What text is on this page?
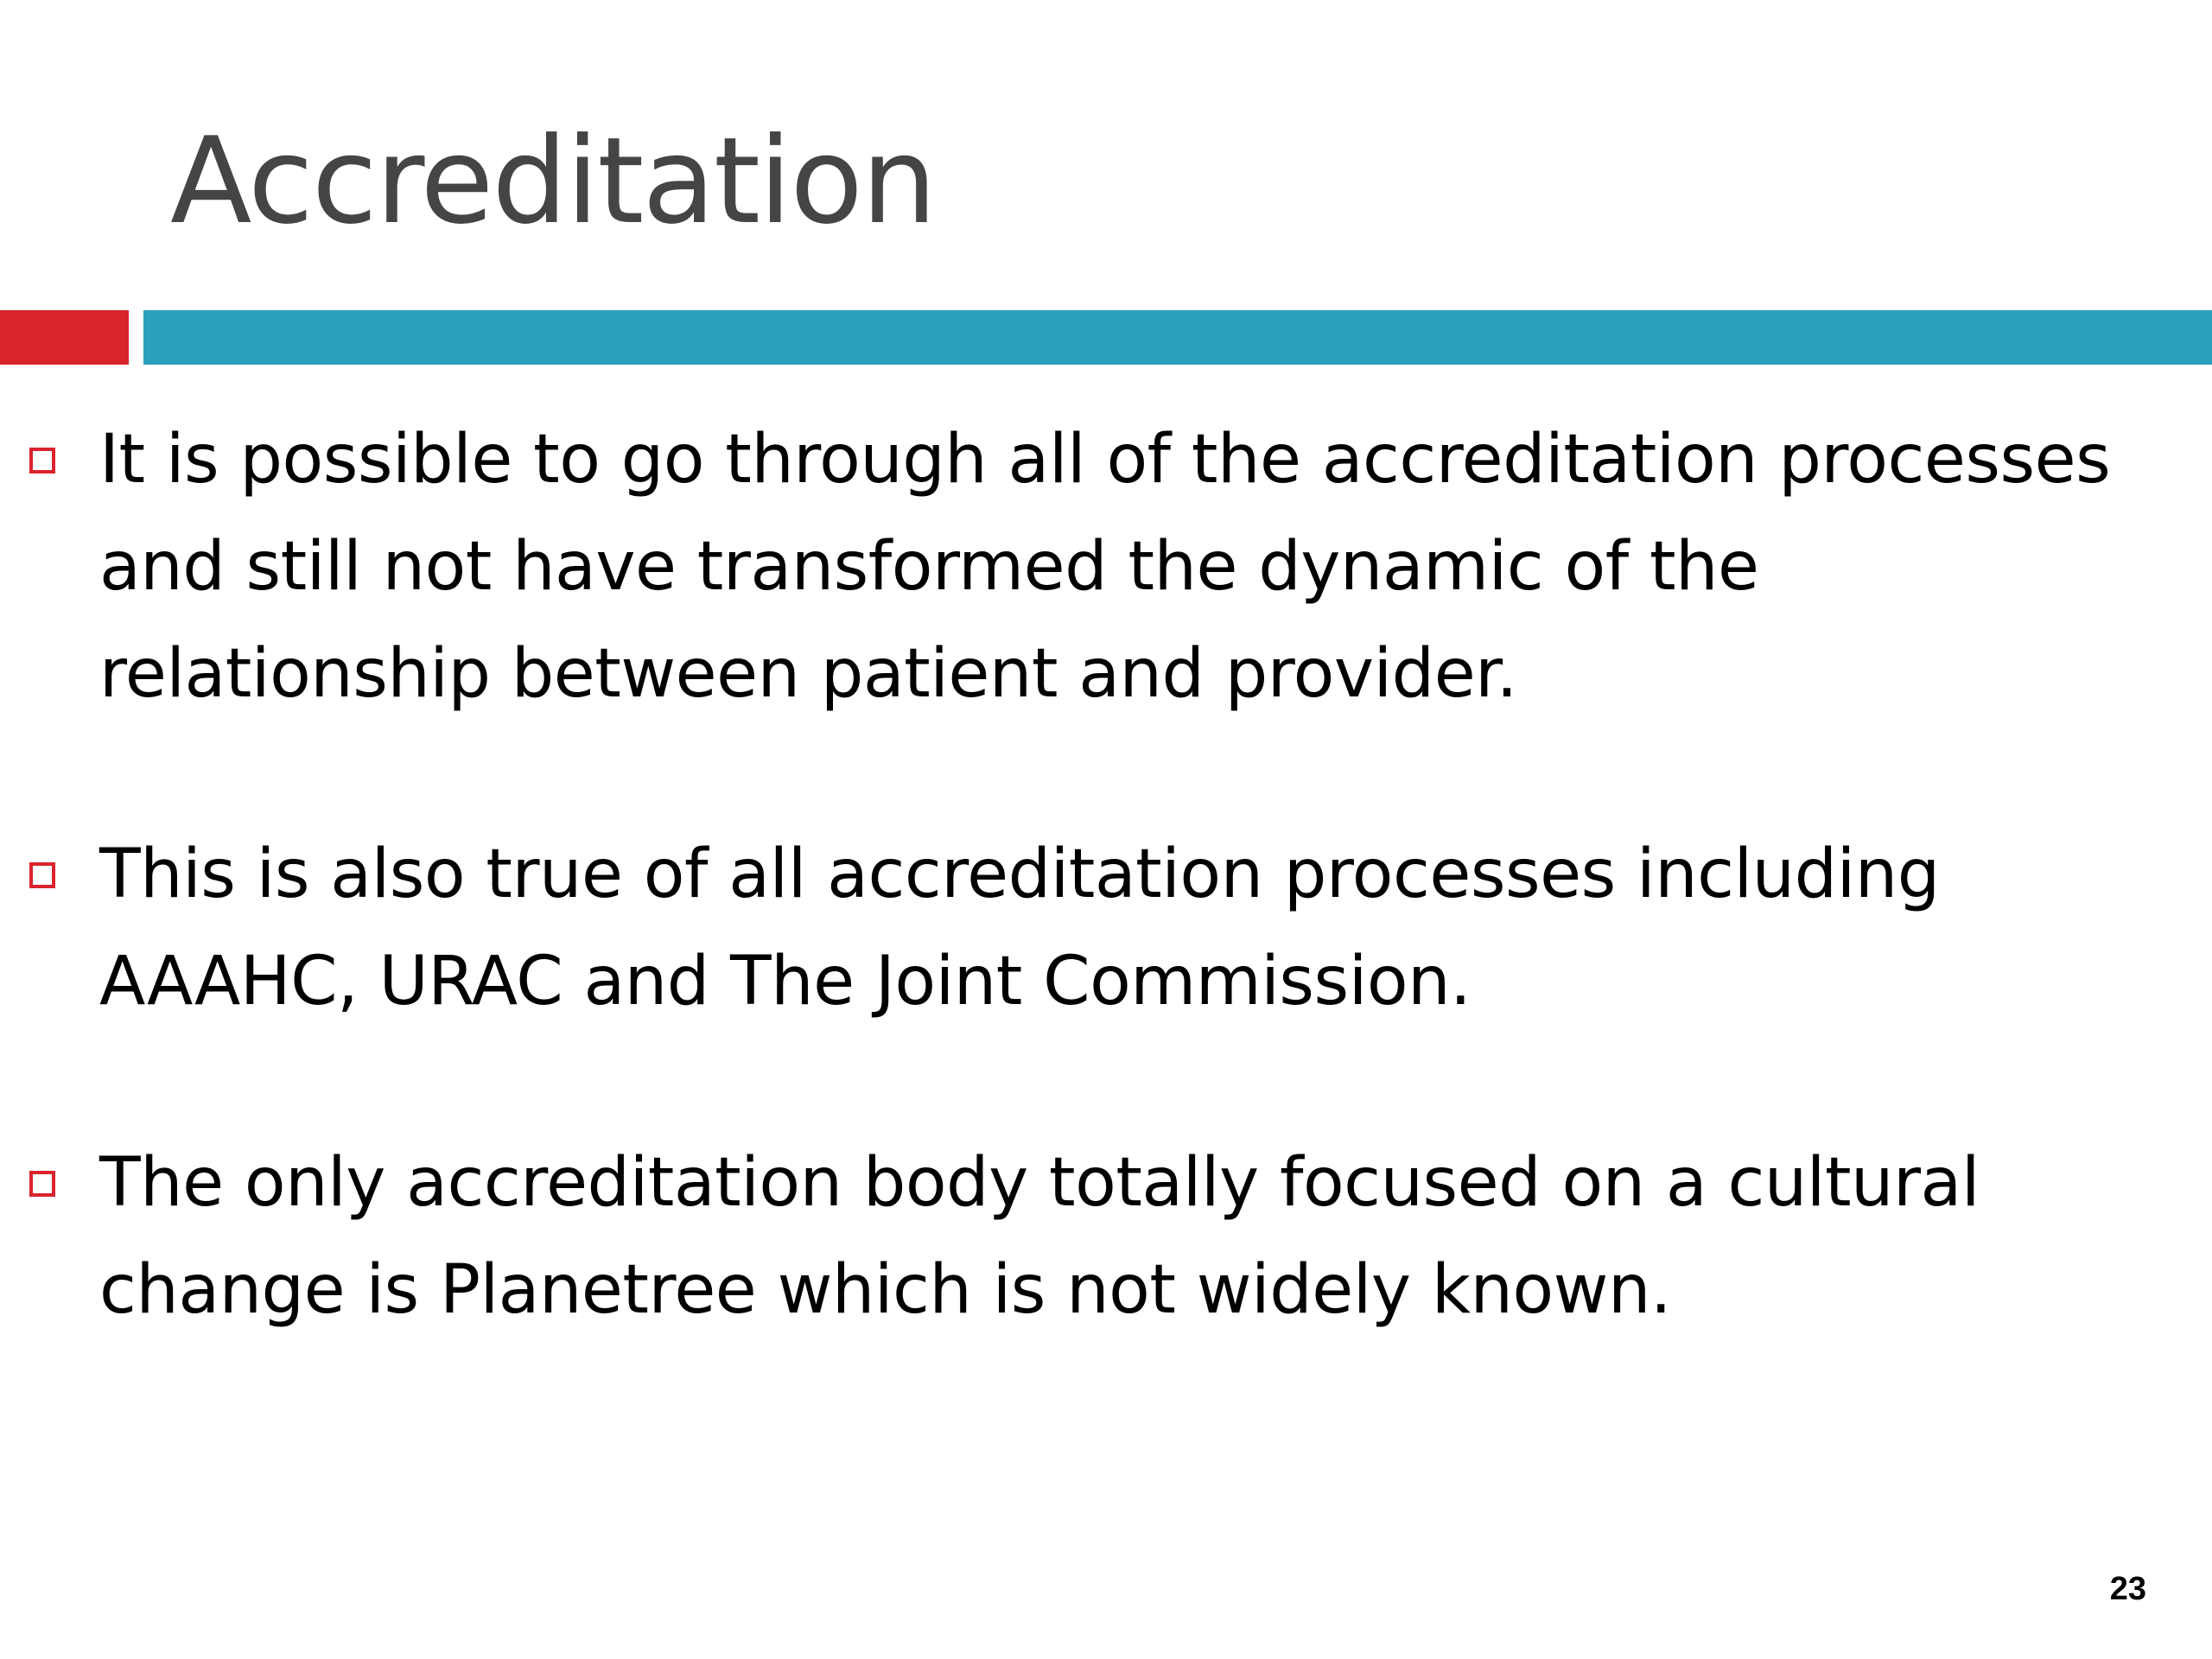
Accreditation

It is possible to go through all of the accreditation processes and still not have transformed the dynamic of the relationship between patient and provider.

This is also true of all accreditation processes including AAAHC, URAC and The Joint Commission.

The only accreditation body totally focused on a cultural change is Planetree which is not widely known.

23
